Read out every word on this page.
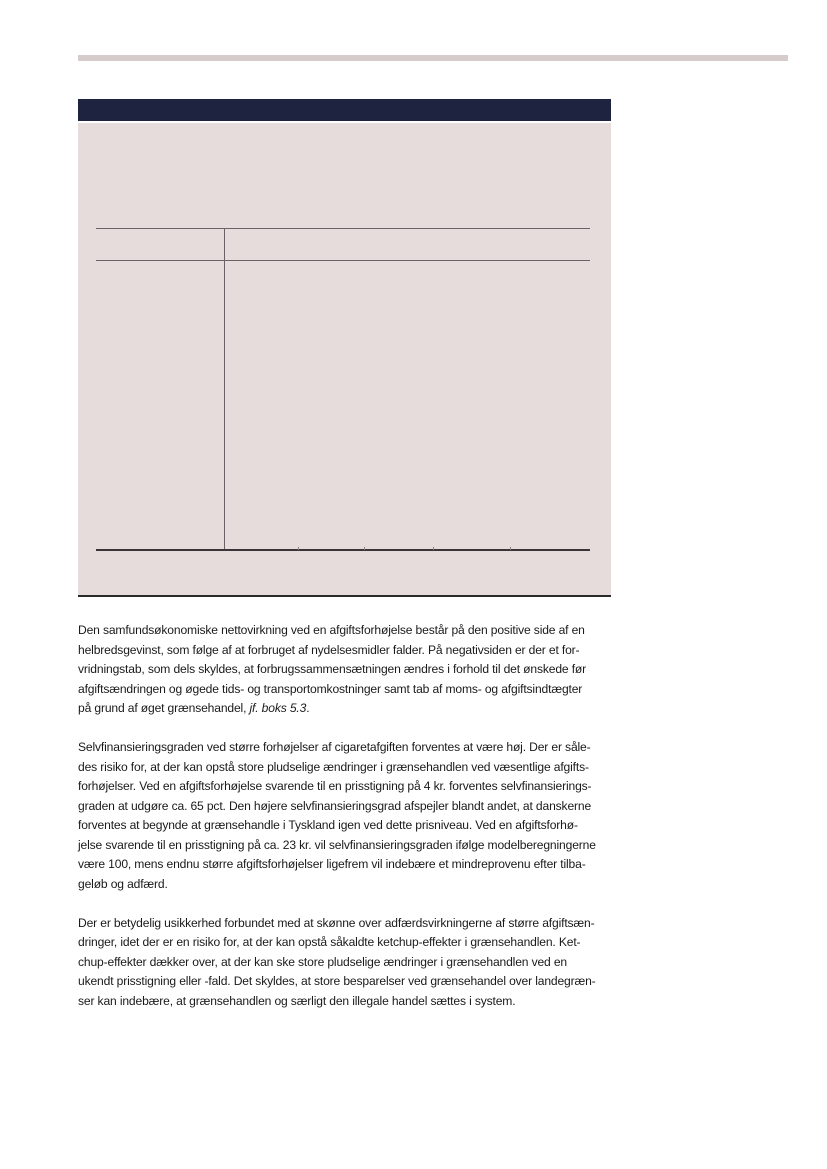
Den samfundsøkonomiske nettovirkning ved en afgiftsforhøjelse består på den positive side af en
helbredsgevinst, som følge af at forbruget af nydelsesmidler falder. På negativsiden er der et for-
vridningstab, som dels skyldes, at forbrugssammensætningen ændres i forhold til det ønskede før
afgiftsændringen og øgede tids- og transportomkostninger samt tab af moms- og afgiftsindtægter
på grund af øget grænsehandel, jf. boks 5.3.

Selvfinansieringsgraden ved større forhøjelser af cigaretafgiften forventes at være høj. Der er såle-
des risiko for, at der kan opstå store pludselige ændringer i grænsehandlen ved væsentlige afgifts-
forhøjelser. Ved en afgiftsforhøjelse svarende til en prisstigning på 4 kr. forventes selvfinansierings-
graden at udgøre ca. 65 pct. Den højere selvfinansieringsgrad afspejler blandt andet, at danskerne
forventes at begynde at grænsehandle i Tyskland igen ved dette prisniveau. Ved en afgiftsforhø-
jelse svarende til en prisstigning på ca. 23 kr. vil selvfinansieringsgraden ifølge modelberegningerne
være 100, mens endnu større afgiftsforhøjelser ligefrem vil indebære et mindreprovenu efter tilba-
geløb og adfærd.

Der er betydelig usikkerhed forbundet med at skønne over adfærdsvirkningerne af større afgiftsæn-
dringer, idet der er en risiko for, at der kan opstå såkaldte ketchup-effekter i grænsehandlen. Ket-
chup-effekter dækker over, at der kan ske store pludselige ændringer i grænsehandlen ved en
ukendt prisstigning eller -fald. Det skyldes, at store besparelser ved grænsehandel over landegræn-
ser kan indebære, at grænsehandlen og særligt den illegale handel sættes i system.
